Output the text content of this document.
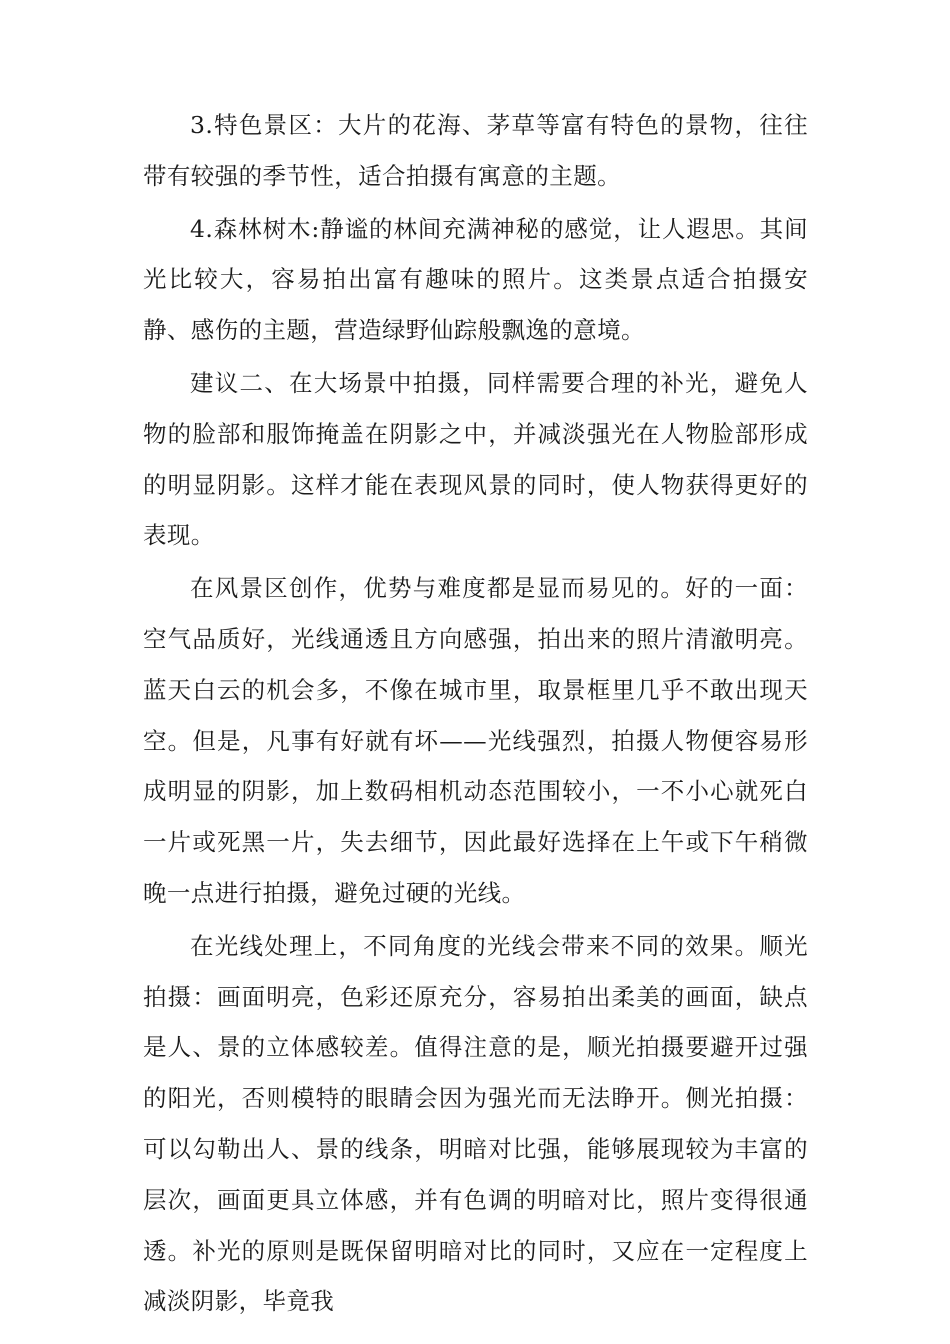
3.特色景区：大片的花海、茅草等富有特色的景物，往往带有较强的季节性，适合拍摄有寓意的主题。

4.森林树木:静谧的林间充满神秘的感觉，让人遐思。其间光比较大，容易拍出富有趣味的照片。这类景点适合拍摄安静、感伤的主题，营造绿野仙踪般飘逸的意境。

建议二、在大场景中拍摄，同样需要合理的补光，避免人物的脸部和服饰掩盖在阴影之中，并减淡强光在人物脸部形成的明显阴影。这样才能在表现风景的同时，使人物获得更好的表现。

在风景区创作，优势与难度都是显而易见的。好的一面：空气品质好，光线通透且方向感强，拍出来的照片清澈明亮。蓝天白云的机会多，不像在城市里，取景框里几乎不敢出现天空。但是，凡事有好就有坏——光线强烈，拍摄人物便容易形成明显的阴影，加上数码相机动态范围较小，一不小心就死白一片或死黑一片，失去细节，因此最好选择在上午或下午稍微晚一点进行拍摄，避免过硬的光线。

在光线处理上，不同角度的光线会带来不同的效果。顺光拍摄：画面明亮，色彩还原充分，容易拍出柔美的画面，缺点是人、景的立体感较差。值得注意的是，顺光拍摄要避开过强的阳光，否则模特的眼睛会因为强光而无法睁开。侧光拍摄：可以勾勒出人、景的线条，明暗对比强，能够展现较为丰富的层次，画面更具立体感，并有色调的明暗对比，照片变得很通透。补光的原则是既保留明暗对比的同时，又应在一定程度上减淡阴影，毕竟我
